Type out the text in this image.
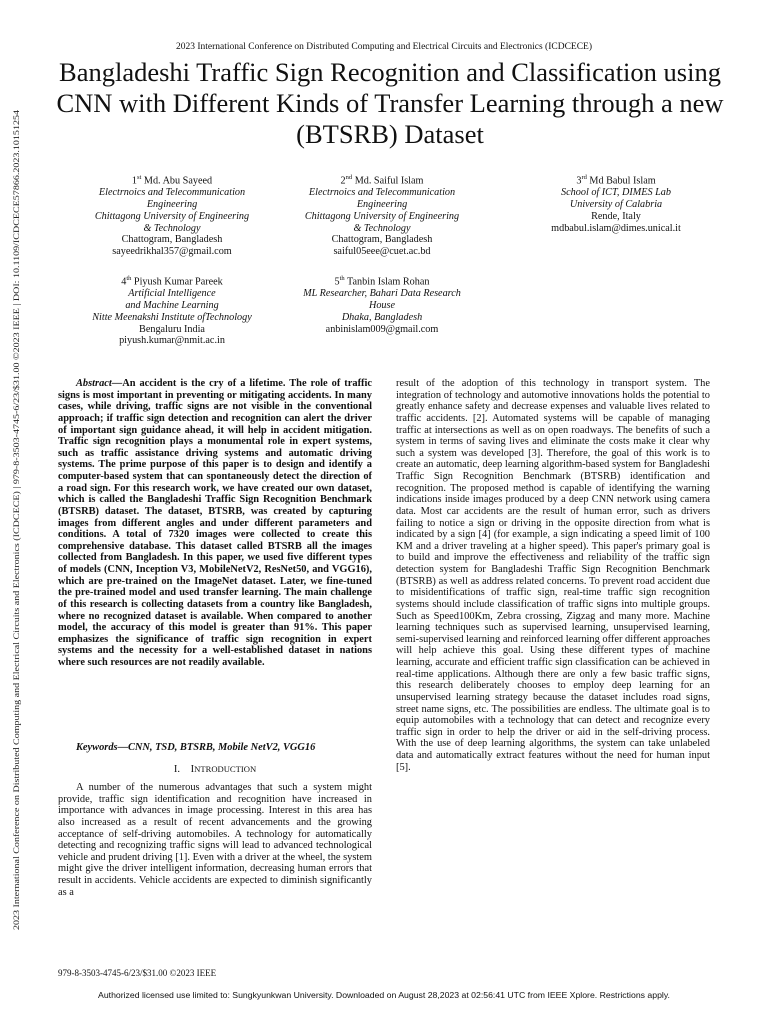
2023 International Conference on Distributed Computing and Electrical Circuits and Electronics (ICDCECE)
Bangladeshi Traffic Sign Recognition and Classification using CNN with Different Kinds of Transfer Learning through a new (BTSRB) Dataset
1st Md. Abu Sayeed
Electrnoics and Telecommunication
Engineering
Chittagong University of Engineering
& Technology
Chattogram, Bangladesh
sayeedrikhal357@gmail.com
2nd Md. Saiful Islam
Electrnoics and Telecommunication
Engineering
Chittagong University of Engineering
& Technology
Chattogram, Bangladesh
saiful05eee@cuet.ac.bd
3rd Md Babul Islam
School of ICT, DIMES Lab
University of Calabria
Rende, Italy
mdbabul.islam@dimes.unical.it
4th Piyush Kumar Pareek
Artificial Intelligence
and Machine Learning
Nitte Meenakshi Institute ofTechnology
Bengaluru India
piyush.kumar@nmit.ac.in
5th Tanbin Islam Rohan
ML Researcher, Bahari Data Research
House
Dhaka, Bangladesh
anbinislam009@gmail.com
2023 International Conference on Distributed Computing and Electrical Circuits and Electronics (ICDCECE) | 979-8-3503-4745-6/23/$31.00 ©2023 IEEE | DOI: 10.1109/ICDCECE57866.2023.10151254	Abstract—An accident is the cry of a lifetime. The role of traffic signs is most important in preventing or mitigating accidents. In many cases, while driving, traffic signs are not visible in the conventional approach; if traffic sign detection and recognition can alert the driver of important sign guidance ahead, it will help in accident mitigation. Traffic sign recognition plays a monumental role in expert systems, such as traffic assistance driving systems and automatic driving systems. The prime purpose of this paper is to design and identify a computer-based system that can spontaneously detect the direction of a road sign. For this research work, we have created our own dataset, which is called the Bangladeshi Traffic Sign Recognition Benchmark (BTSRB) dataset. The dataset, BTSRB, was created by capturing images from different angles and under different parameters and conditions. A total of 7320 images were collected to create this comprehensive database. This dataset called BTSRB all the images collected from Bangladesh. In this paper, we used five different types of models (CNN, Inception V3, MobileNetV2, ResNet50, and VGG16), which are pre-trained on the ImageNet dataset. Later, we fine-tuned the pre-trained model and used transfer learning. The main challenge of this research is collecting datasets from a country like Bangladesh, where no recognized dataset is available. When compared to another model, the accuracy of this model is greater than 91%. This paper emphasizes the significance of traffic sign recognition in expert systems and the necessity for a well-established dataset in nations where such resources are not readily available.
Keywords—CNN, TSD, BTSRB, Mobile NetV2, VGG16
I. INTRODUCTION
A number of the numerous advantages that such a system might provide, traffic sign identification and recognition have increased in importance with advances in image processing. Interest in this area has also increased as a result of recent advancements and the growing acceptance of self-driving automobiles. A technology for automatically detecting and recognizing traffic signs will lead to advanced technological vehicle and prudent driving [1]. Even with a driver at the wheel, the system might give the driver intelligent information, decreasing human errors that result in accidents. Vehicle accidents are expected to diminish significantly as a
result of the adoption of this technology in transport system. The integration of technology and automotive innovations holds the potential to greatly enhance safety and decrease expenses and valuable lives related to traffic accidents. [2]. Automated systems will be capable of managing traffic at intersections as well as on open roadways. The benefits of such a system in terms of saving lives and eliminate the costs make it clear why such a system was developed [3]. Therefore, the goal of this work is to create an automatic, deep learning algorithm-based system for Bangladeshi Traffic Sign Recognition Benchmark (BTSRB) identification and recognition. The proposed method is capable of identifying the warning indications inside images produced by a deep CNN network using camera data. Most car accidents are the result of human error, such as drivers failing to notice a sign or driving in the opposite direction from what is indicated by a sign [4] (for example, a sign indicating a speed limit of 100 KM and a driver traveling at a higher speed). This paper's primary goal is to build and improve the effectiveness and reliability of the traffic sign detection system for Bangladeshi Traffic Sign Recognition Benchmark (BTSRB) as well as address related concerns. To prevent road accident due to misidentifications of traffic sign, real-time traffic sign recognition systems should include classification of traffic signs into multiple groups. Such as Speed100Km, Zebra crossing, Zigzag and many more. Machine learning techniques such as supervised learning, unsupervised learning, semi-supervised learning and reinforced learning offer different approaches will help achieve this goal. Using these different types of machine learning, accurate and efficient traffic sign classification can be achieved in real-time applications. Although there are only a few basic traffic signs, this research deliberately chooses to employ deep learning for an unsupervised learning strategy because the dataset includes road signs, street name signs, etc. The possibilities are endless. The ultimate goal is to equip automobiles with a technology that can detect and recognize every traffic sign in order to help the driver or aid in the self-driving process. With the use of deep learning algorithms, the system can take unlabeled data and automatically extract features without the need for human input [5].
979-8-3503-4745-6/23/$31.00 ©2023 IEEE
Authorized licensed use limited to: Sungkyunkwan University. Downloaded on August 28,2023 at 02:56:41 UTC from IEEE Xplore. Restrictions apply.
